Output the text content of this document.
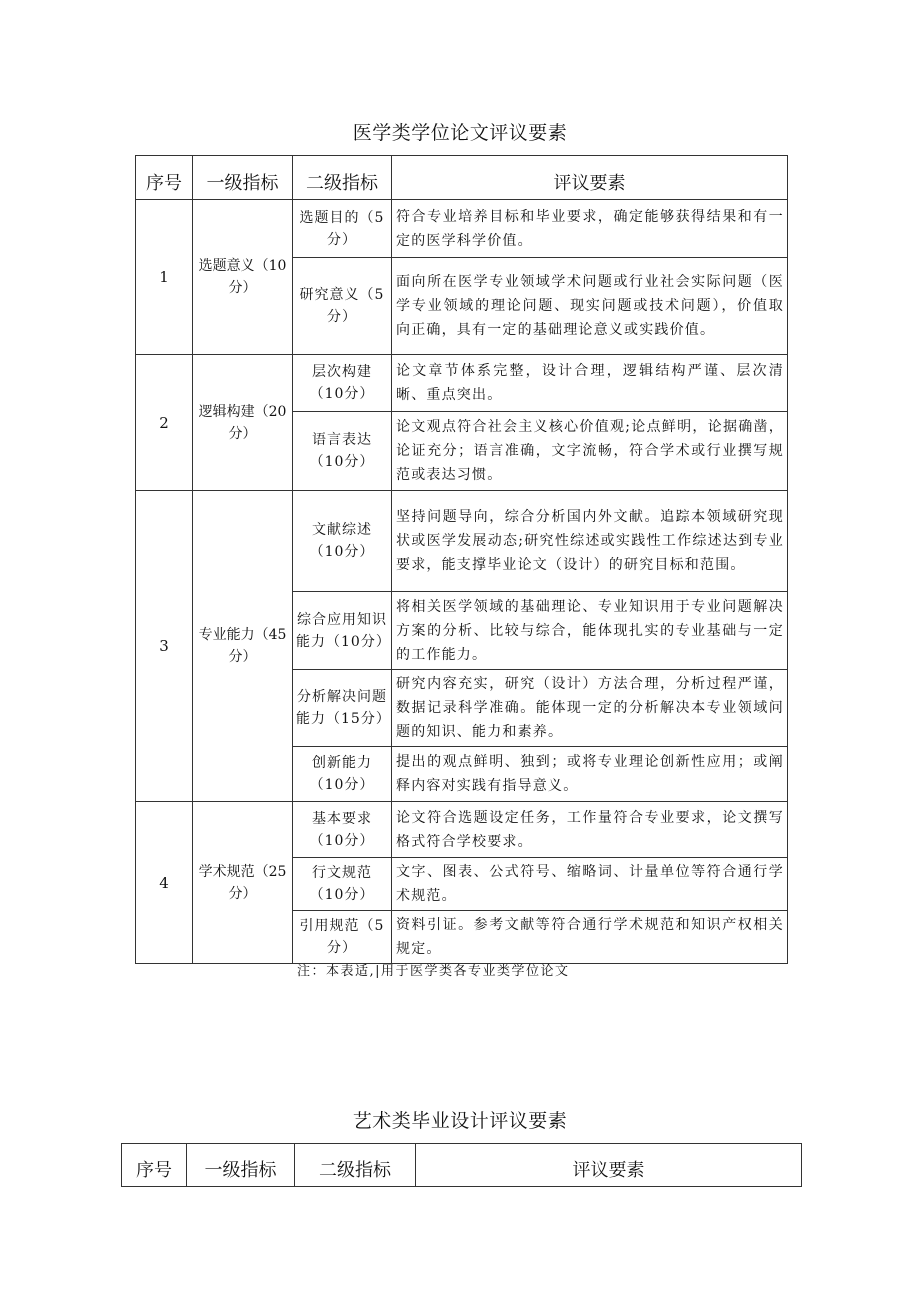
医学类学位论文评议要素
序号	一级指标	二级指标	评议要素
1	选题意义（10分）	选题目的（5分）	符合专业培养目标和毕业要求，确定能够获得结果和有一定的医学科学价值。
		研究意义（5分）	面向所在医学专业领域学术问题或行业社会实际问题（医学专业领域的理论问题、现实问题或技术问题），价值取向正确，具有一定的基础理论意义或实践价值。
2	逻辑构建（20分）	层次构建（10分）	论文章节体系完整，设计合理，逻辑结构严谨、层次清晰、重点突出。
		语言表达（10分）	论文观点符合社会主义核心价值观;论点鲜明，论据确凿，论证充分；语言准确，文字流畅，符合学术或行业撰写规范或表达习惯。
3	专业能力（45分）	文献综述（10分）	坚持问题导向，综合分析国内外文献。追踪本领域研究现状或医学发展动态;研究性综述或实践性工作综述达到专业要求，能支撑毕业论文（设计）的研究目标和范围。
		综合应用知识能力（10分）	将相关医学领域的基础理论、专业知识用于专业问题解决方案的分析、比较与综合，能体现扎实的专业基础与一定的工作能力。
		分析解决问题能力（15分）	研究内容充实，研究（设计）方法合理，分析过程严谨，数据记录科学准确。能体现一定的分析解决本专业领域问题的知识、能力和素养。
		创新能力（10分）	提出的观点鲜明、独到；或将专业理论创新性应用；或阐释内容对实践有指导意义。
4	学术规范（25分）	基本要求（10分）	论文符合选题设定任务，工作量符合专业要求，论文撰写格式符合学校要求。
		行文规范（10分）	文字、图表、公式符号、缩略词、计量单位等符合通行学术规范。
		引用规范（5分）	资料引证。参考文献等符合通行学术规范和知识产权相关规定。
注：本表适,|用于医学类各专业类学位论文
艺术类毕业设计评议要素
序号	一级指标	二级指标	评议要素
